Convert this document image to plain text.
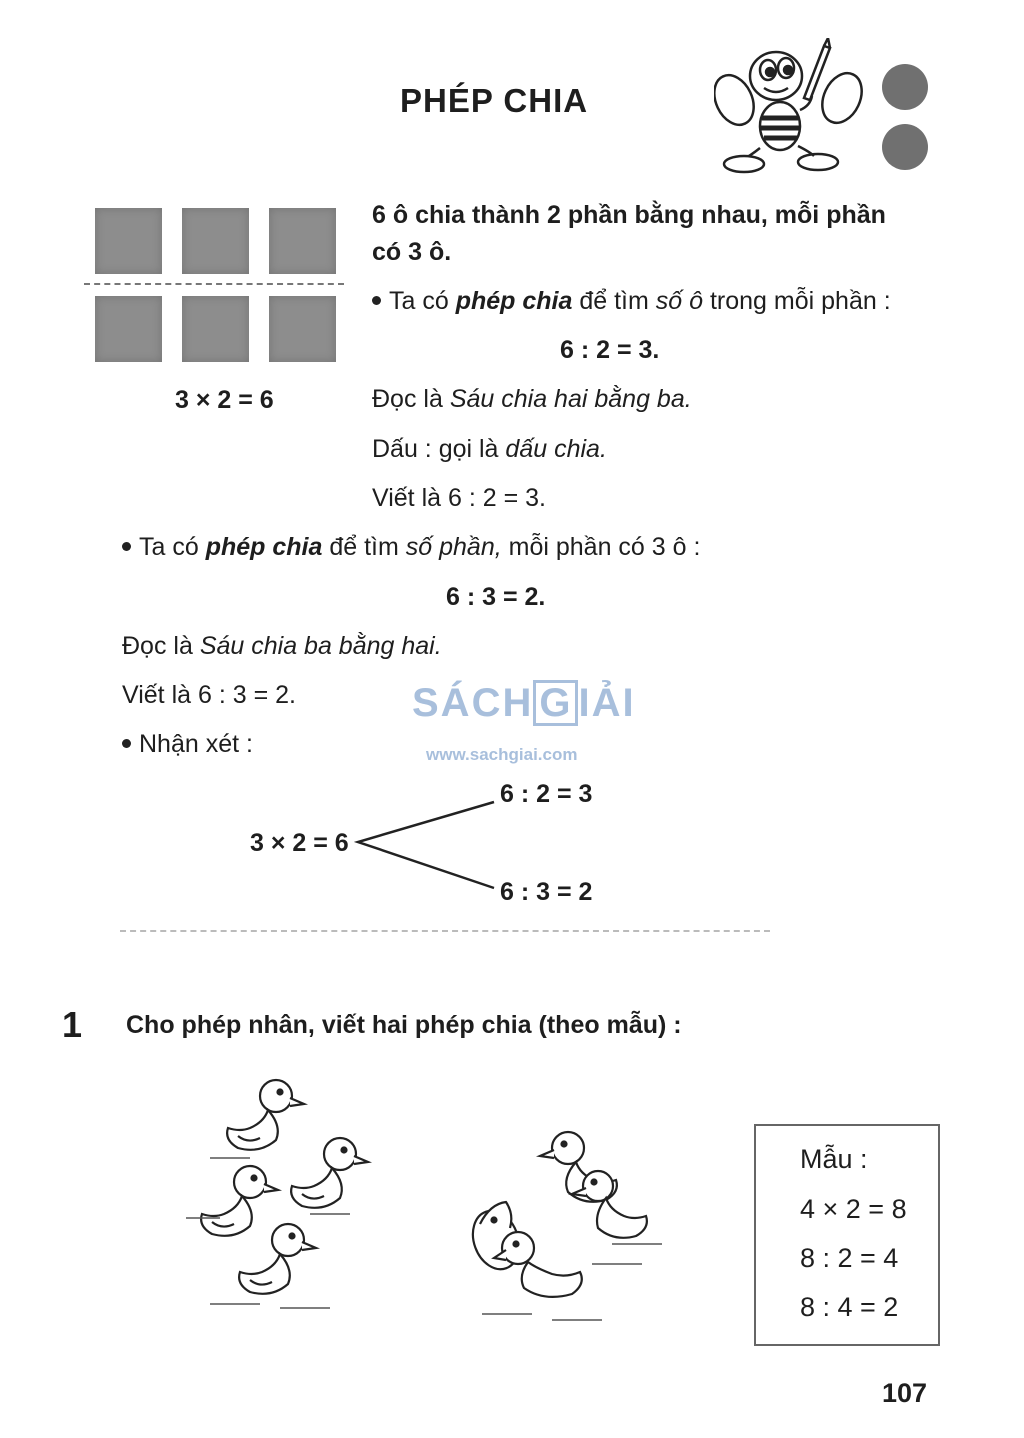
PHÉP CHIA
3 × 2 = 6
6 ô chia thành 2 phần bằng nhau, mỗi phần
có 3 ô.
Ta có phép chia để tìm số ô trong mỗi phần :
6 : 2 = 3.
Đọc là Sáu chia hai bằng ba.
Dấu : gọi là dấu chia.
Viết là 6 : 2 = 3.
Ta có phép chia để tìm số phần, mỗi phần có 3 ô :
6 : 3 = 2.
Đọc là Sáu chia ba bằng hai.
Viết là 6 : 3 = 2.	SÁCH G IẢI
www.sachgiai.com
Nhận xét :
3 × 2 = 6
6 : 2 = 3
6 : 3 = 2
1 Cho phép nhân, viết hai phép chia (theo mẫu) :
Mẫu :
4 × 2 = 8
8 : 2 = 4
8 : 4 = 2
107
